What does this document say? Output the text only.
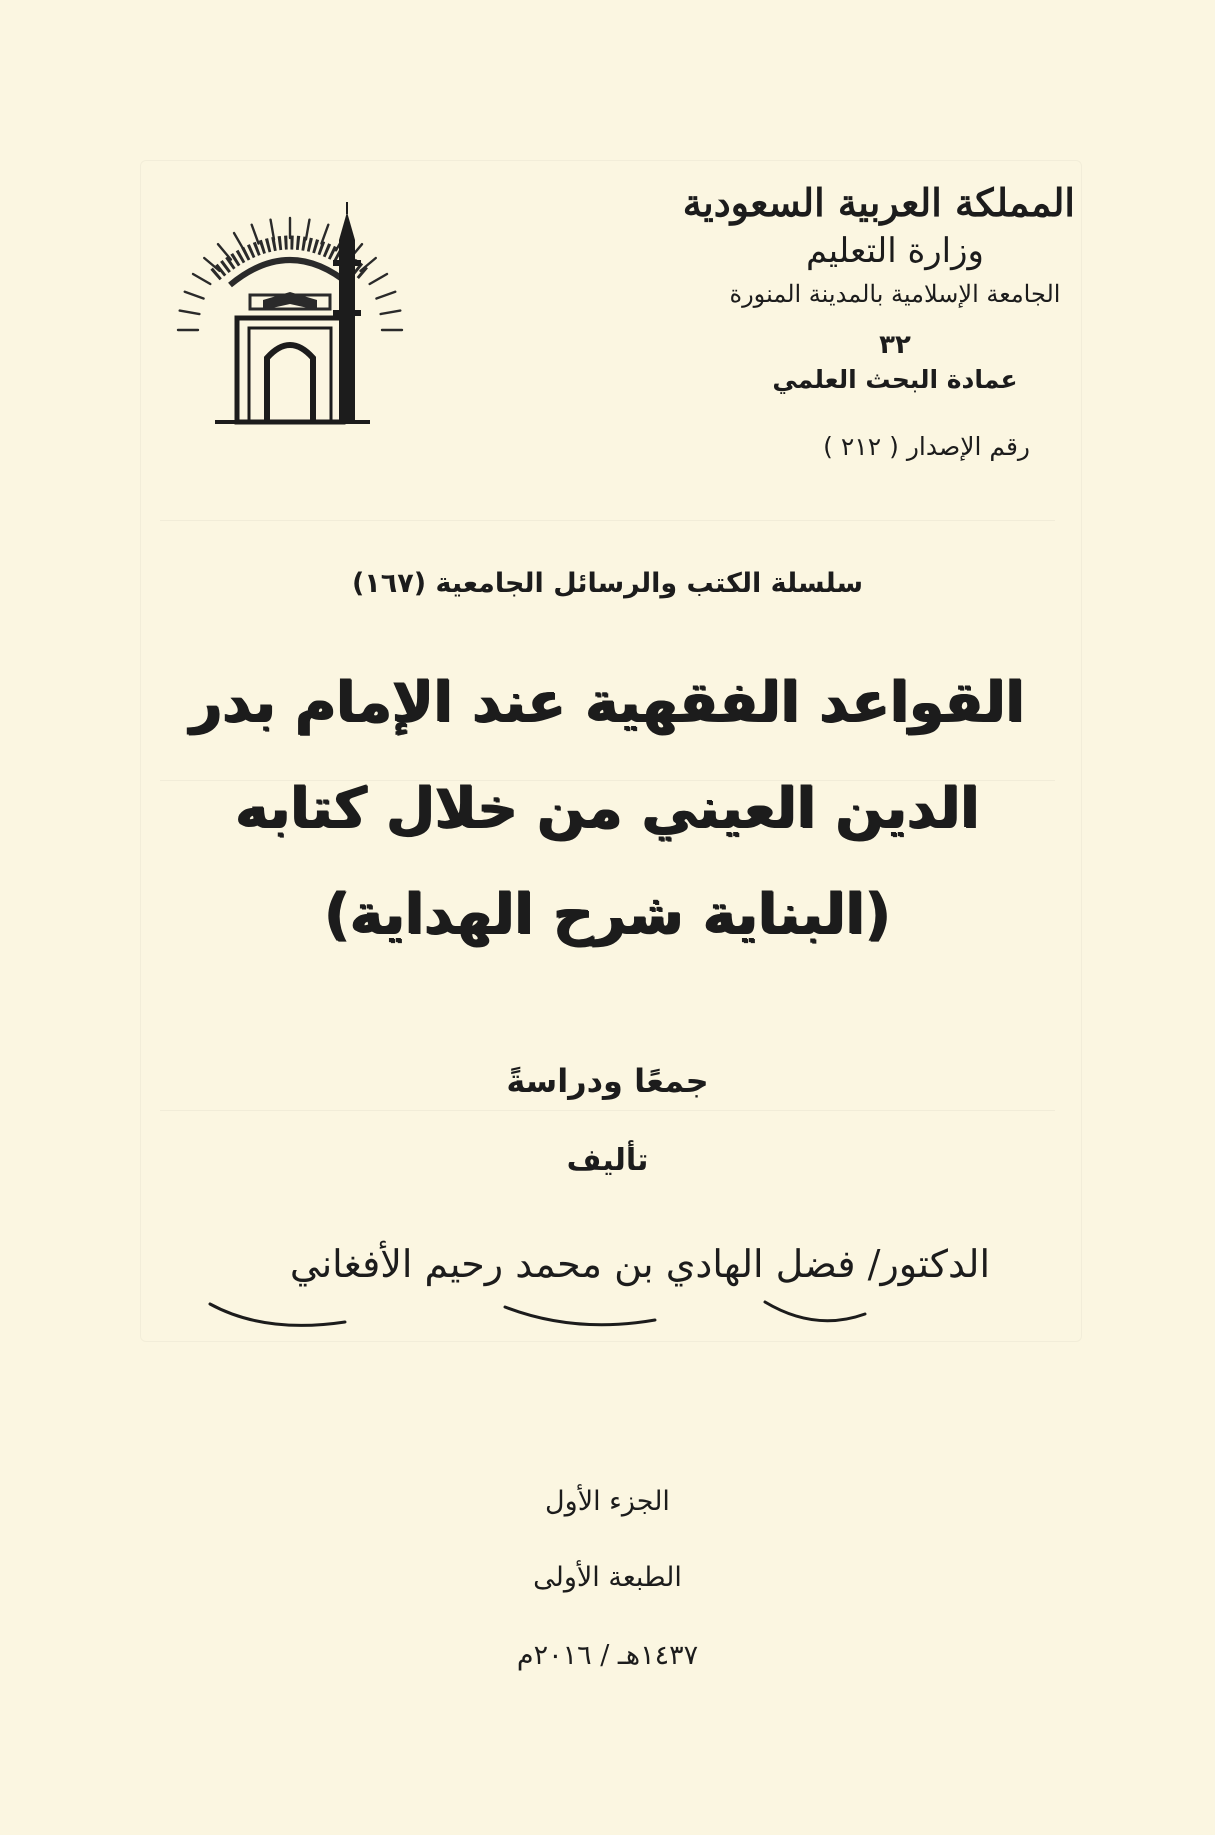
المملكة العربية السعودية
وزارة التعليم
الجامعة الإسلامية بالمدينة المنورة
٣٢
عمادة البحث العلمي
رقم الإصدار ( ٢١٢ )
سلسلة الكتب والرسائل الجامعية (١٦٧)
القواعد الفقهية عند الإمام بدر
الدين العيني من خلال كتابه
(البناية شرح الهداية)
جمعًا ودراسةً
تأليف
الدكتور/ فضل الهادي بن محمد رحيم الأفغاني
الجزء الأول
الطبعة الأولى
١٤٣٧هـ / ٢٠١٦م
